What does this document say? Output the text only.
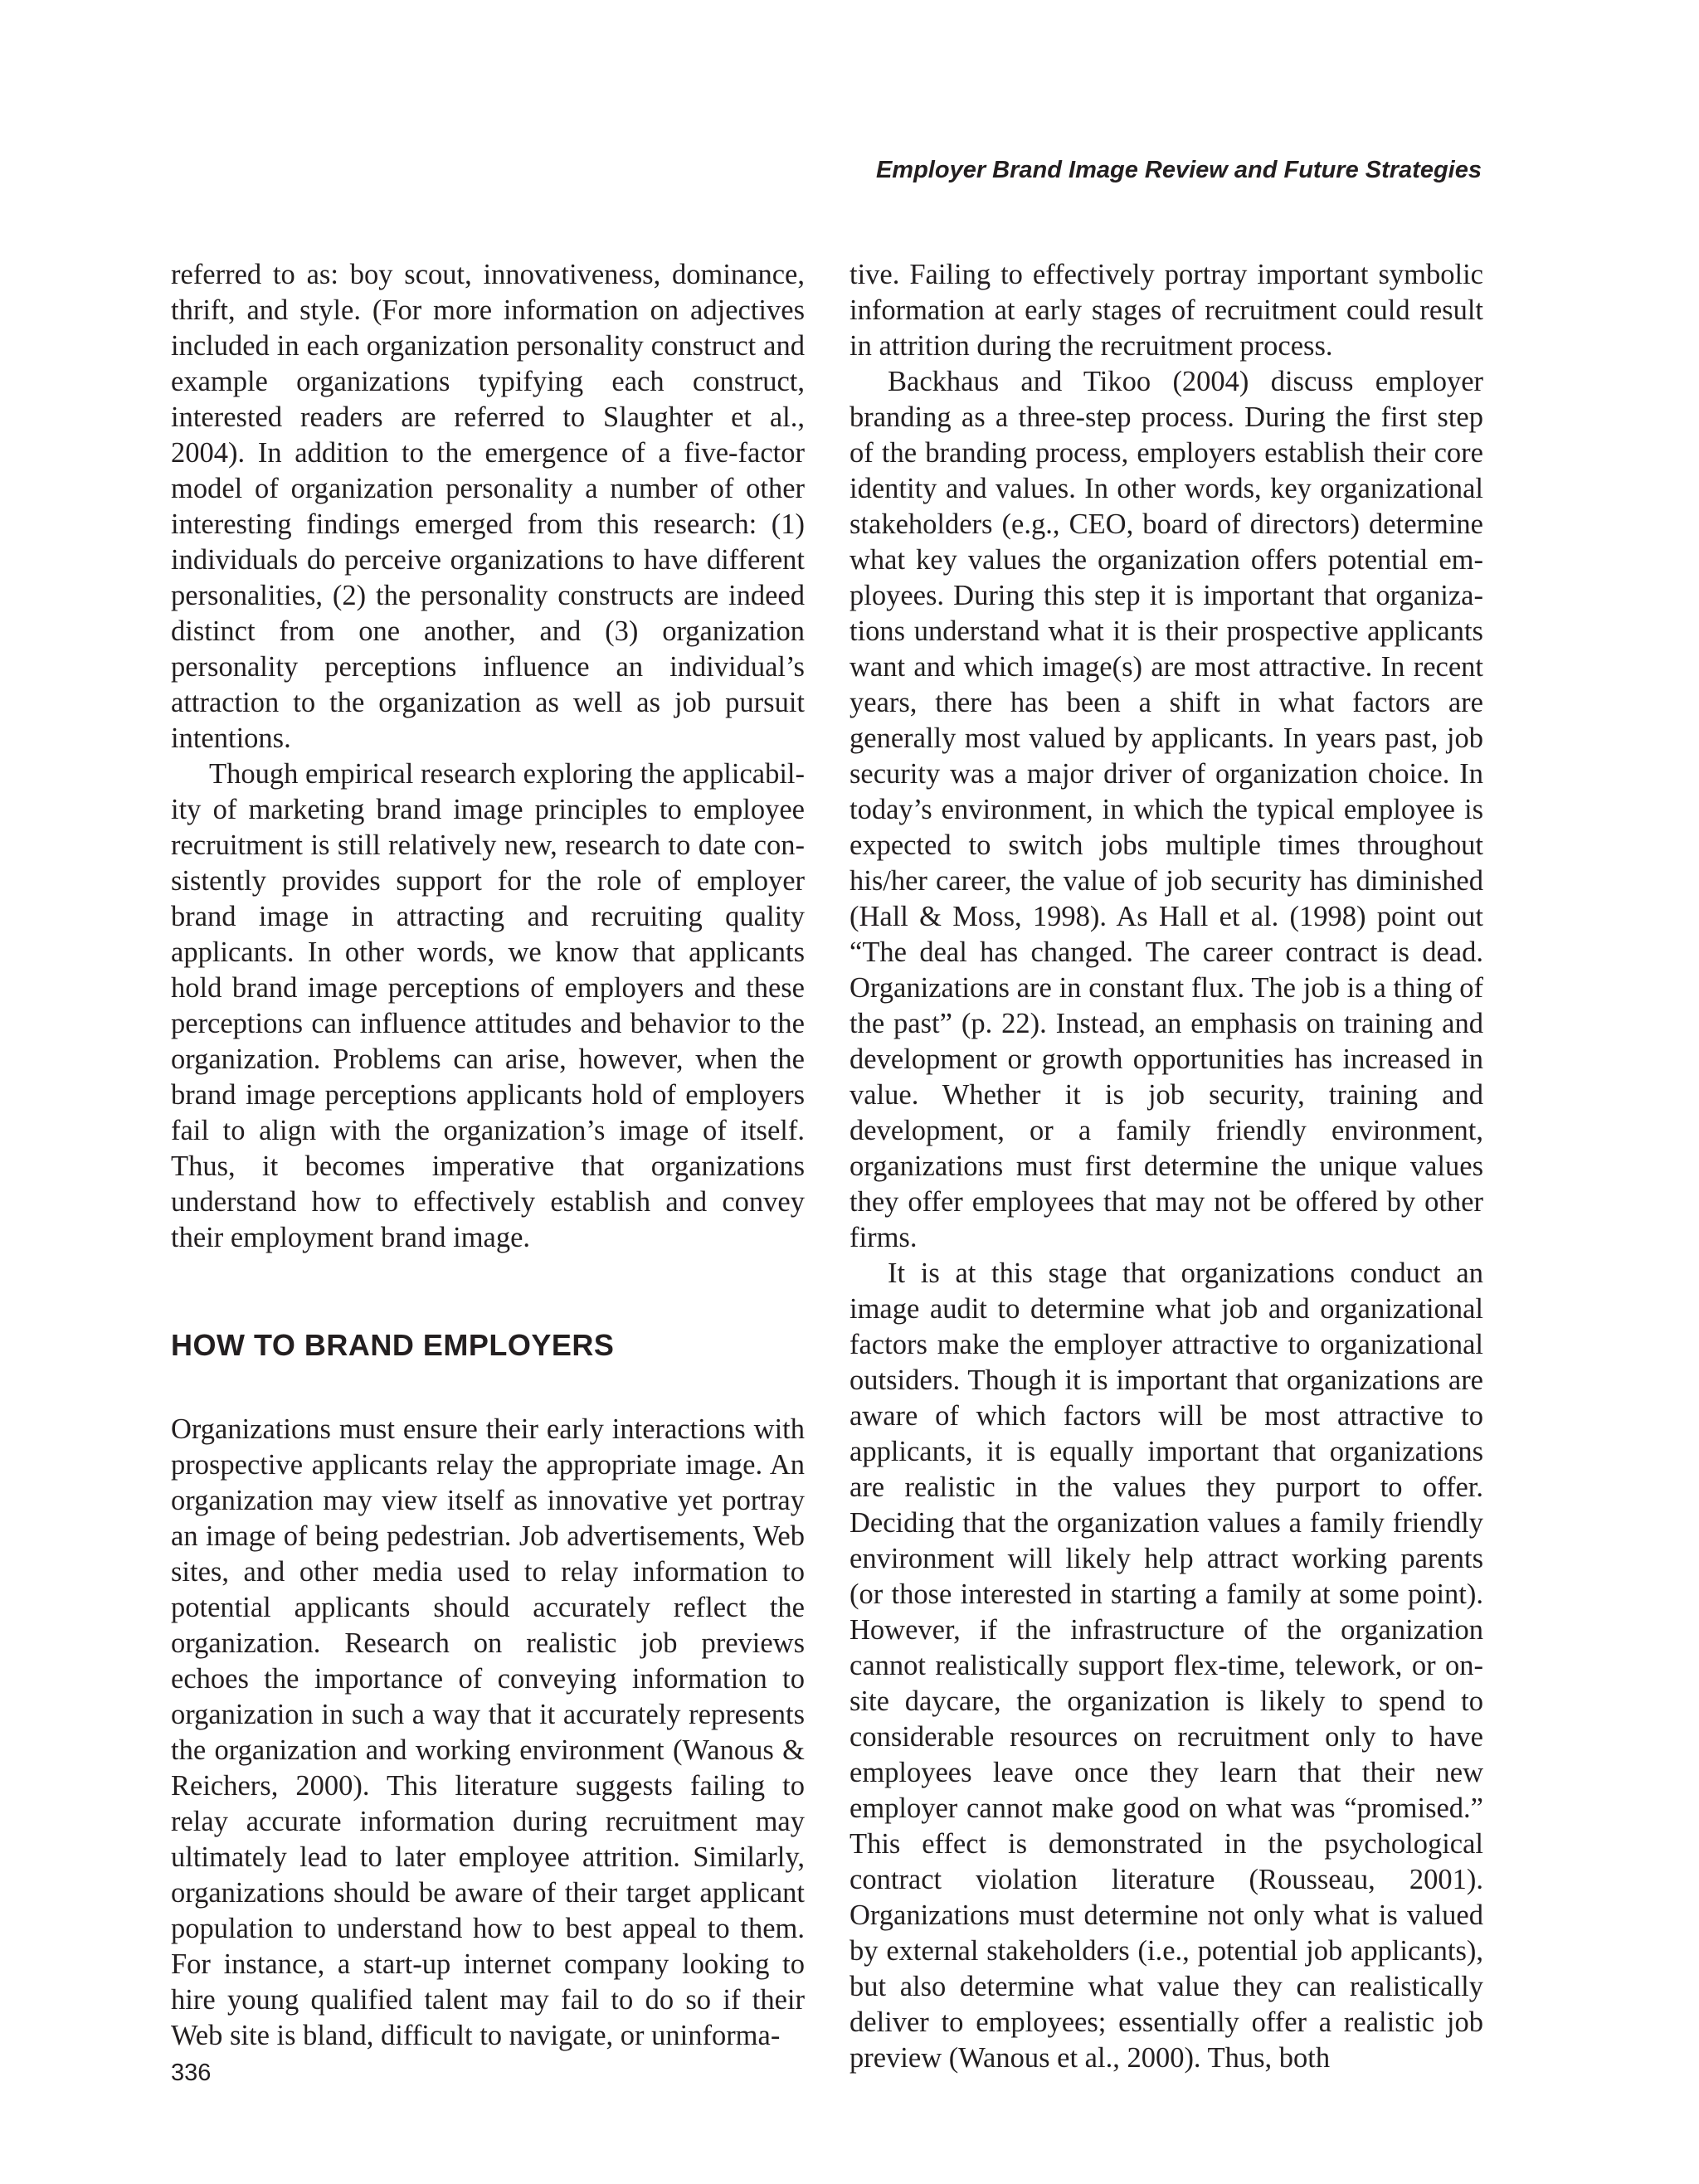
Employer Brand Image Review and Future Strategies

referred to as: boy scout, innovativeness, dominance, thrift, and style. (For more information on adjectives included in each organization personality construct and example organizations typifying each construct, interested readers are referred to Slaughter et al., 2004). In addition to the emergence of a five-factor model of organization personality a number of other interesting findings emerged from this research: (1) individuals do perceive organizations to have different personalities, (2) the personality constructs are indeed distinct from one another, and (3) organization personality perceptions influence an individual’s attraction to the organization as well as job pursuit intentions.

Though empirical research exploring the applicability of marketing brand image principles to employee recruitment is still relatively new, research to date consistently provides support for the role of employer brand image in attracting and recruiting quality applicants. In other words, we know that applicants hold brand image perceptions of employers and these perceptions can influence attitudes and behavior to the organization. Problems can arise, however, when the brand image perceptions applicants hold of employers fail to align with the organization’s image of itself. Thus, it becomes imperative that organizations understand how to effectively establish and convey their employment brand image.

HOW TO BRAND EMPLOYERS

Organizations must ensure their early interactions with prospective applicants relay the appropriate image. An organization may view itself as innovative yet portray an image of being pedestrian. Job advertisements, Web sites, and other media used to relay information to potential applicants should accurately reflect the organization. Research on realistic job previews echoes the importance of conveying information to organization in such a way that it accurately represents the organization and working environment (Wanous & Reichers, 2000). This literature suggests failing to relay accurate information during recruitment may ultimately lead to later employee attrition. Similarly, organizations should be aware of their target applicant population to understand how to best appeal to them. For instance, a start-up internet company looking to hire young qualified talent may fail to do so if their Web site is bland, difficult to navigate, or uninforma-

tive. Failing to effectively portray important symbolic information at early stages of recruitment could result in attrition during the recruitment process.

Backhaus and Tikoo (2004) discuss employer branding as a three-step process. During the first step of the branding process, employers establish their core identity and values. In other words, key organizational stakeholders (e.g., CEO, board of directors) determine what key values the organization offers potential employees. During this step it is important that organizations understand what it is their prospective applicants want and which image(s) are most attractive. In recent years, there has been a shift in what factors are generally most valued by applicants. In years past, job security was a major driver of organization choice. In today’s environment, in which the typical employee is expected to switch jobs multiple times throughout his/her career, the value of job security has diminished (Hall & Moss, 1998). As Hall et al. (1998) point out “The deal has changed. The career contract is dead. Organizations are in constant flux. The job is a thing of the past” (p. 22). Instead, an emphasis on training and development or growth opportunities has increased in value. Whether it is job security, training and development, or a family friendly environment, organizations must first determine the unique values they offer employees that may not be offered by other firms.

It is at this stage that organizations conduct an image audit to determine what job and organizational factors make the employer attractive to organizational outsiders. Though it is important that organizations are aware of which factors will be most attractive to applicants, it is equally important that organizations are realistic in the values they purport to offer. Deciding that the organization values a family friendly environment will likely help attract working parents (or those interested in starting a family at some point). However, if the infrastructure of the organization cannot realistically support flex-time, telework, or on-site daycare, the organization is likely to spend to considerable resources on recruitment only to have employees leave once they learn that their new employer cannot make good on what was “promised.” This effect is demonstrated in the psychological contract violation literature (Rousseau, 2001). Organizations must determine not only what is valued by external stakeholders (i.e., potential job applicants), but also determine what value they can realistically deliver to employees; essentially offer a realistic job preview (Wanous et al., 2000). Thus, both

336
